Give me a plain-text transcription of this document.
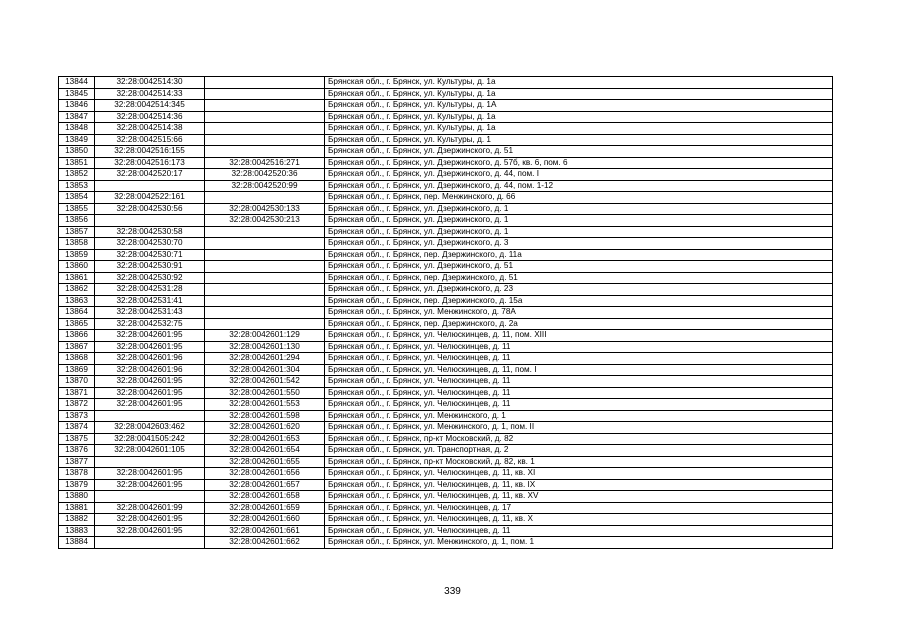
13844	32:28:0042514:30		Брянская обл., г. Брянск, ул. Культуры, д. 1а
13845	32:28:0042514:33		Брянская обл., г. Брянск, ул. Культуры, д. 1а
13846	32:28:0042514:345		Брянская обл., г. Брянск, ул. Культуры, д. 1А
13847	32:28:0042514:36		Брянская обл., г. Брянск, ул. Культуры, д. 1а
13848	32:28:0042514:38		Брянская обл., г. Брянск, ул. Культуры, д. 1а
13849	32:28:0042515:66		Брянская обл., г. Брянск, ул. Культуры, д. 1
13850	32:28:0042516:155		Брянская обл., г. Брянск, ул. Дзержинского, д. 51
13851	32:28:0042516:173	32:28:0042516:271	Брянская обл., г. Брянск, ул. Дзержинского, д. 57б, кв. 6, пом. 6
13852	32:28:0042520:17	32:28:0042520:36	Брянская обл., г. Брянск, ул. Дзержинского, д. 44, пом. I
13853		32:28:0042520:99	Брянская обл., г. Брянск, ул. Дзержинского, д. 44, пом. 1-12
13854	32:28:0042522:161		Брянская обл., г. Брянск, пер. Менжинского, д. 66
13855	32:28:0042530:56	32:28:0042530:133	Брянская обл., г. Брянск, ул. Дзержинского, д. 1
13856		32:28:0042530:213	Брянская обл., г. Брянск, ул. Дзержинского, д. 1
13857	32:28:0042530:58		Брянская обл., г. Брянск, ул. Дзержинского, д. 1
13858	32:28:0042530:70		Брянская обл., г. Брянск, ул. Дзержинского, д. 3
13859	32:28:0042530:71		Брянская обл., г. Брянск, пер. Дзержинского, д. 11а
13860	32:28:0042530:91		Брянская обл., г. Брянск, ул. Дзержинского, д. 51
13861	32:28:0042530:92		Брянская обл., г. Брянск, пер. Дзержинского, д. 51
13862	32:28:0042531:28		Брянская обл., г. Брянск, ул. Дзержинского, д. 23
13863	32:28:0042531:41		Брянская обл., г. Брянск, пер. Дзержинского, д. 15а
13864	32:28:0042531:43		Брянская обл., г. Брянск, ул. Менжинского, д. 78А
13865	32:28:0042532:75		Брянская обл., г. Брянск, пер. Дзержинского, д. 2а
13866	32:28:0042601:95	32:28:0042601:129	Брянская обл., г. Брянск, ул. Челюскинцев, д. 11, пом. XIII
13867	32:28:0042601:95	32:28:0042601:130	Брянская обл., г. Брянск, ул. Челюскинцев, д. 11
13868	32:28:0042601:96	32:28:0042601:294	Брянская обл., г. Брянск, ул. Челюскинцев, д. 11
13869	32:28:0042601:96	32:28:0042601:304	Брянская обл., г. Брянск, ул. Челюскинцев, д. 11, пом. I
13870	32:28:0042601:95	32:28:0042601:542	Брянская обл., г. Брянск, ул. Челюскинцев, д. 11
13871	32:28:0042601:95	32:28:0042601:550	Брянская обл., г. Брянск, ул. Челюскинцев, д. 11
13872	32:28:0042601:95	32:28:0042601:553	Брянская обл., г. Брянск, ул. Челюскинцев, д. 11
13873		32:28:0042601:598	Брянская обл., г. Брянск, ул. Менжинского, д. 1
13874	32:28:0042603:462	32:28:0042601:620	Брянская обл., г. Брянск, ул. Менжинского, д. 1, пом. II
13875	32:28:0041505:242	32:28:0042601:653	Брянская обл., г. Брянск, пр-кт Московский, д. 82
13876	32:28:0042601:105	32:28:0042601:654	Брянская обл., г. Брянск, ул. Транспортная, д. 2
13877		32:28:0042601:655	Брянская обл., г. Брянск, пр-кт Московский, д. 82, кв. 1
13878	32:28:0042601:95	32:28:0042601:656	Брянская обл., г. Брянск, ул. Челюскинцев, д. 11, кв. XI
13879	32:28:0042601:95	32:28:0042601:657	Брянская обл., г. Брянск, ул. Челюскинцев, д. 11, кв. IX
13880		32:28:0042601:658	Брянская обл., г. Брянск, ул. Челюскинцев, д. 11, кв. XV
13881	32:28:0042601:99	32:28:0042601:659	Брянская обл., г. Брянск, ул. Челюскинцев, д. 17
13882	32:28:0042601:95	32:28:0042601:660	Брянская обл., г. Брянск, ул. Челюскинцев, д. 11, кв. X
13883	32:28:0042601:95	32:28:0042601:661	Брянская обл., г. Брянск, ул. Челюскинцев, д. 11
13884		32:28:0042601:662	Брянская обл., г. Брянск, ул. Менжинского, д. 1, пом. 1
339
